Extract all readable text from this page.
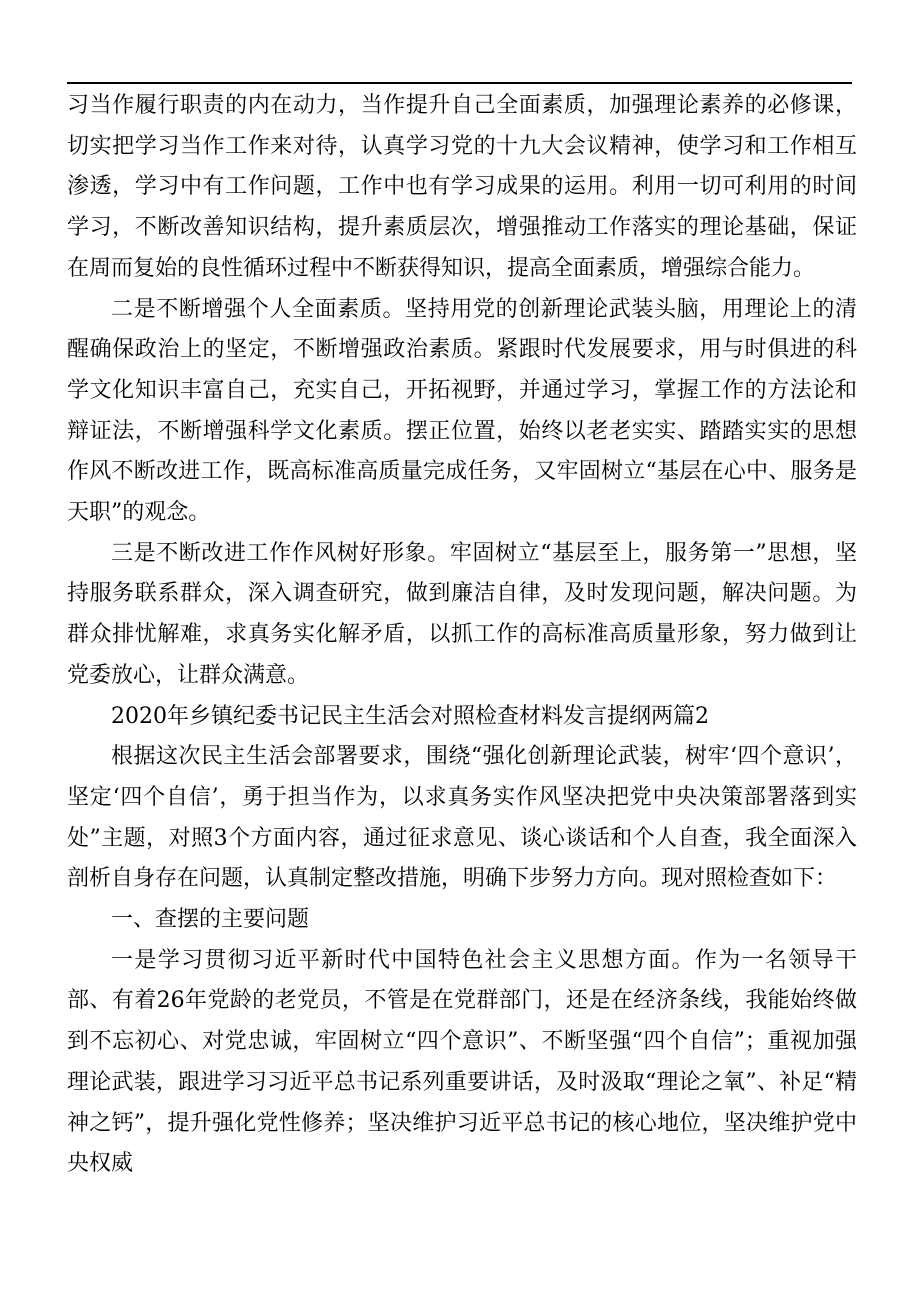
习当作履行职责的内在动力，当作提升自己全面素质，加强理论素养的必修课，切实把学习当作工作来对待，认真学习党的十九大会议精神，使学习和工作相互渗透，学习中有工作问题，工作中也有学习成果的运用。利用一切可利用的时间学习，不断改善知识结构，提升素质层次，增强推动工作落实的理论基础，保证在周而复始的良性循环过程中不断获得知识，提高全面素质，增强综合能力。

二是不断增强个人全面素质。坚持用党的创新理论武装头脑，用理论上的清醒确保政治上的坚定，不断增强政治素质。紧跟时代发展要求，用与时俱进的科学文化知识丰富自己，充实自己，开拓视野，并通过学习，掌握工作的方法论和辩证法，不断增强科学文化素质。摆正位置，始终以老老实实、踏踏实实的思想作风不断改进工作，既高标准高质量完成任务，又牢固树立“基层在心中、服务是天职”的观念。

三是不断改进工作作风树好形象。牢固树立“基层至上，服务第一”思想，坚持服务联系群众，深入调查研究，做到廉洁自律，及时发现问题，解决问题。为群众排忧解难，求真务实化解矛盾，以抓工作的高标准高质量形象，努力做到让党委放心，让群众满意。

2020年乡镇纪委书记民主生活会对照检查材料发言提纲两篇2

根据这次民主生活会部署要求，围绕“强化创新理论武装，树牢‘四个意识’，坚定‘四个自信’，勇于担当作为，以求真务实作风坚决把党中央决策部署落到实处”主题，对照3个方面内容，通过征求意见、谈心谈话和个人自查，我全面深入剖析自身存在问题，认真制定整改措施，明确下步努力方向。现对照检查如下：

一、查摆的主要问题

一是学习贯彻习近平新时代中国特色社会主义思想方面。作为一名领导干部、有着26年党龄的老党员，不管是在党群部门，还是在经济条线，我能始终做到不忘初心、对党忠诚，牢固树立“四个意识”、不断坚强“四个自信”；重视加强理论武装，跟进学习习近平总书记系列重要讲话，及时汲取“理论之氧”、补足“精神之钙”，提升强化党性修养；坚决维护习近平总书记的核心地位，坚决维护党中央权威
